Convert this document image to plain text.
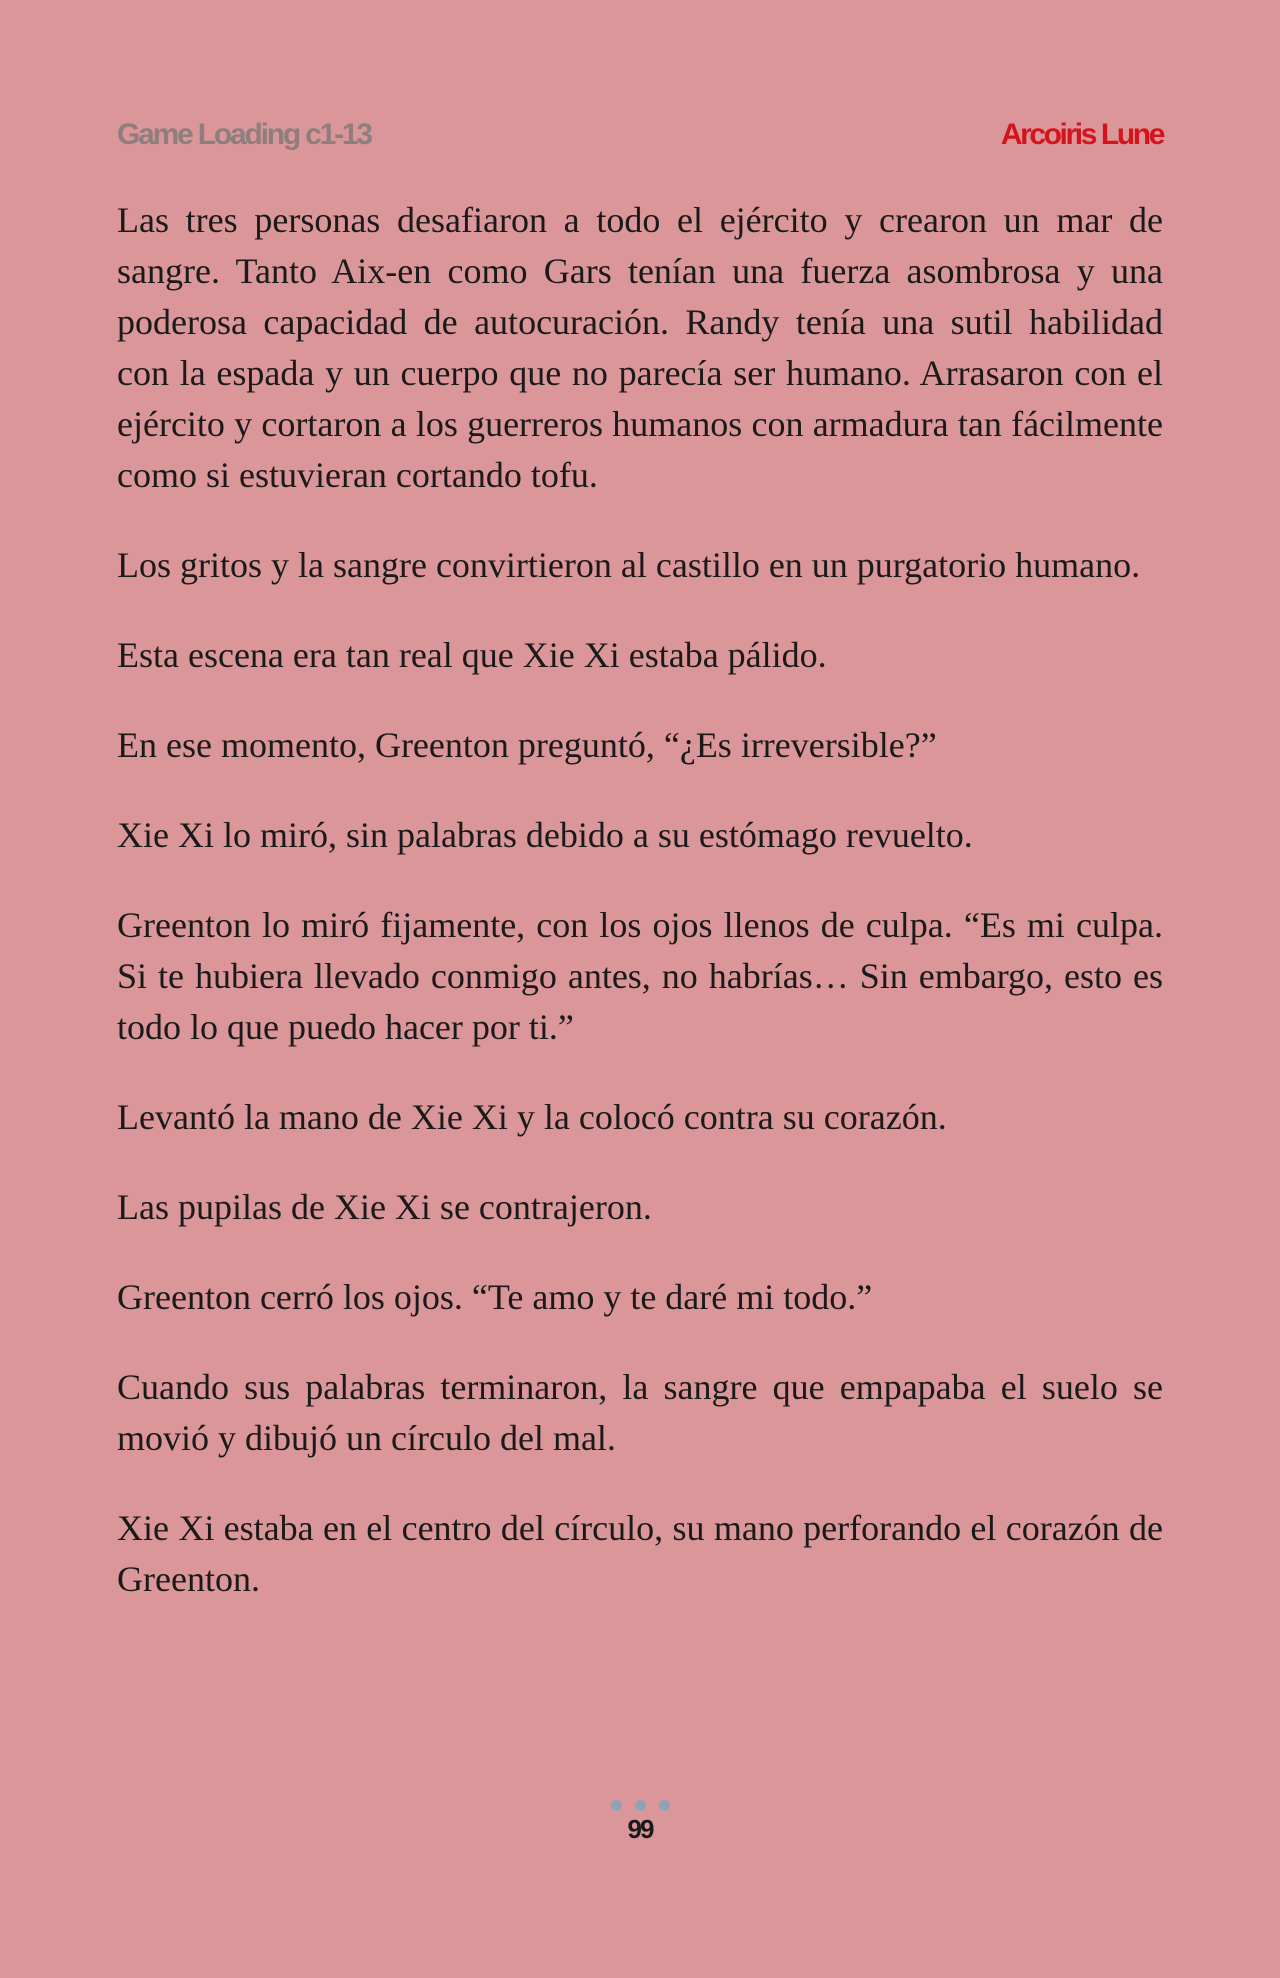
Game Loading c1-13	Arcoiris Lune

Las tres personas desafiaron a todo el ejército y crearon un mar de sangre. Tanto Aix-en como Gars tenían una fuerza asombrosa y una poderosa capacidad de autocuración. Randy tenía una sutil habilidad con la espada y un cuerpo que no parecía ser humano. Arrasaron con el ejército y cortaron a los guerreros humanos con armadura tan fácilmente como si estuvieran cortando tofu.

Los gritos y la sangre convirtieron al castillo en un purgatorio humano.

Esta escena era tan real que Xie Xi estaba pálido.

En ese momento, Greenton preguntó, “¿Es irreversible?”

Xie Xi lo miró, sin palabras debido a su estómago revuelto.

Greenton lo miró fijamente, con los ojos llenos de culpa. “Es mi culpa. Si te hubiera llevado conmigo antes, no habrías… Sin embargo, esto es todo lo que puedo hacer por ti.”

Levantó la mano de Xie Xi y la colocó contra su corazón.

Las pupilas de Xie Xi se contrajeron.

Greenton cerró los ojos. “Te amo y te daré mi todo.”

Cuando sus palabras terminaron, la sangre que empapaba el suelo se movió y dibujó un círculo del mal.

Xie Xi estaba en el centro del círculo, su mano perforando el corazón de Greenton.

99
